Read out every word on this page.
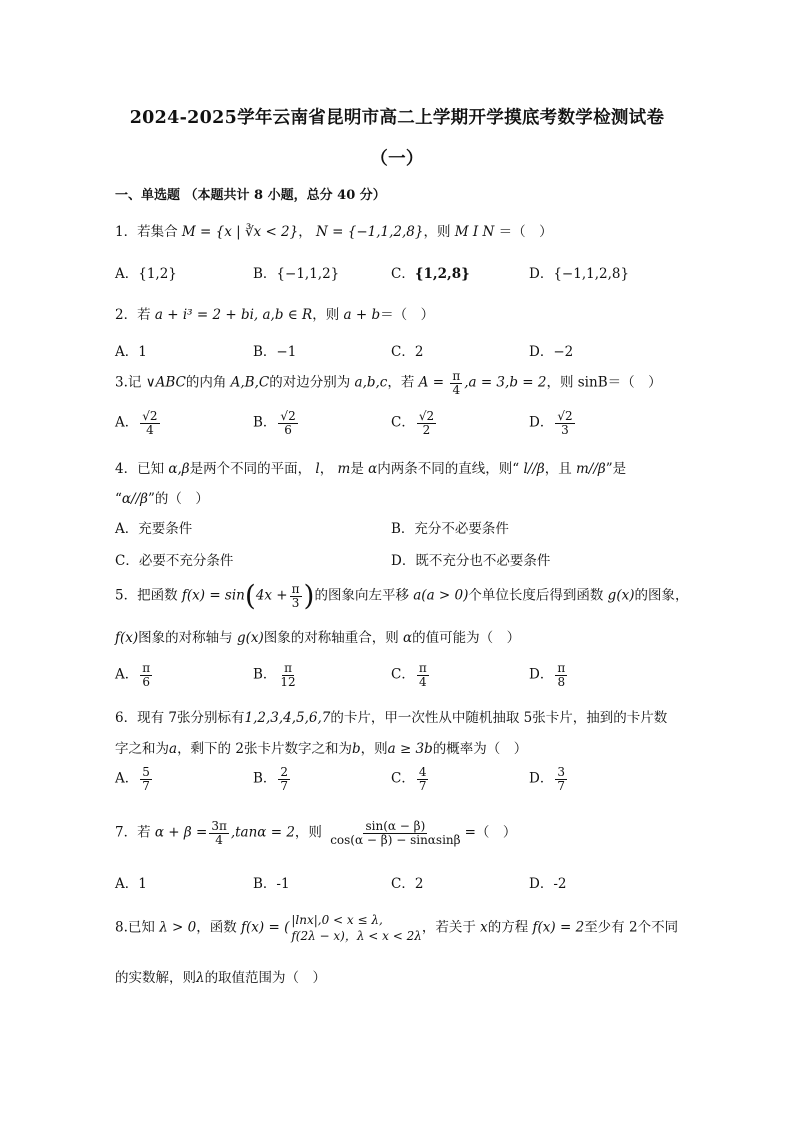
2024-2025学年云南省昆明市高二上学期开学摸底考数学检测试卷
（一）
一、单选题 （本题共计 8 小题，总分 40 分）
1．若集合 M = {x | ∛x < 2}， N = {−1,1,2,8}，则 M I N ＝（　）
A．{1,2}	B．{−1,1,2}	C．{1,2,8}	D．{−1,1,2,8}
2．若 a + i³ = 2 + bi, a,b ∈ R，则 a + b＝（　）
A．1	B．−1	C．2	D．−2
3.记 ∨ABC的内角 A,B,C的对边分别为 a,b,c，若 $A = \frac{\pi}{4} ,a = 3,b = 2$，则 sinB＝（　）
A． $\frac{√2}{4}$	B． $\frac{√2}{6}$	C． $\frac{√2}{2}$	D． $\frac{√2}{3}$
4．已知 α,β是两个不同的平面， l， m是 α内两条不同的直线，则“ l//β，且 m//β”是
“α//β”的（　）
A．充要条件	B．充分不必要条件
C．必要不充分条件	D．既不充分也不必要条件
5．把函数 $f(x) = \sin(4x + \frac{\pi}{3}$ )的图象向左平移 a(a > 0)个单位长度后得到函数 g(x)的图象，
f(x)图象的对称轴与 g(x)图象的对称轴重合，则 α的值可能为（　）
A． $\frac{\pi}{6}$	B． $\frac{\pi}{12}$	C． $\frac{\pi}{4}$	D． $\frac{\pi}{8}$
6．现有 7张分别标有1,2,3,4,5,6,7的卡片，甲一次性从中随机抽取 5张卡片，抽到的卡片数
字之和为a，剩下的 2张卡片数字之和为b，则a ≥ 3b的概率为（　）
A． $\frac{5}{7}$	B． $\frac{2}{7}$	C． $\frac{4}{7}$	D． $\frac{3}{7}$
7．若 $\alpha + \beta = \frac{3\pi}{4} ,\tan\alpha = 2$，则 $\frac{\sin(\alpha - \beta)}{\cos(\alpha - \beta) - \sin\alpha\sin\beta}$ =（　）
A．1	B．-1	C．2	D．-2
8.已知 λ > 0，函数 f(x) = ( |lnx|,0 < x ≤ λ,
f(2λ − x)，λ < x < 2λ
，若关于 x的方程 f(x) = 2至少有 2个不同
的实数解，则λ的取值范围为（　）
